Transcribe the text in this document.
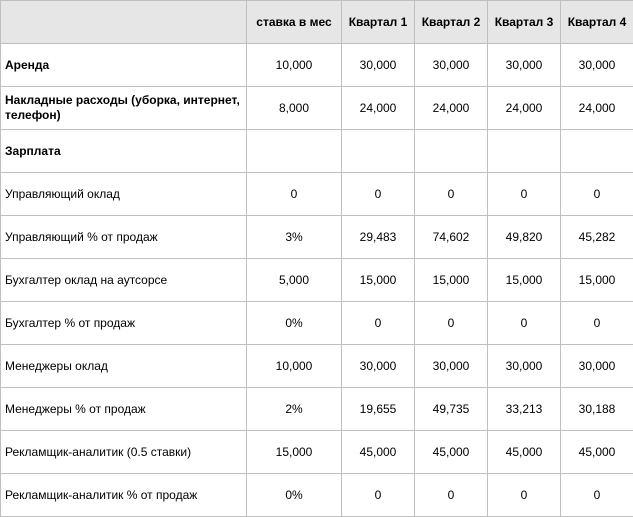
	ставка в мес	Квартал 1	Квартал 2	Квартал 3	Квартал 4
Аренда	10,000	30,000	30,000	30,000	30,000
Накладные расходы (уборка, интернет, телефон)	8,000	24,000	24,000	24,000	24,000
Зарплата					
Управляющий оклад	0	0	0	0	0
Управляющий % от продаж	3%	29,483	74,602	49,820	45,282
Бухгалтер оклад на аутсорсе	5,000	15,000	15,000	15,000	15,000
Бухгалтер % от продаж	0%	0	0	0	0
Менеджеры оклад	10,000	30,000	30,000	30,000	30,000
Менеджеры % от продаж	2%	19,655	49,735	33,213	30,188
Рекламщик-аналитик (0.5 ставки)	15,000	45,000	45,000	45,000	45,000
Рекламщик-аналитик % от продаж	0%	0	0	0	0
